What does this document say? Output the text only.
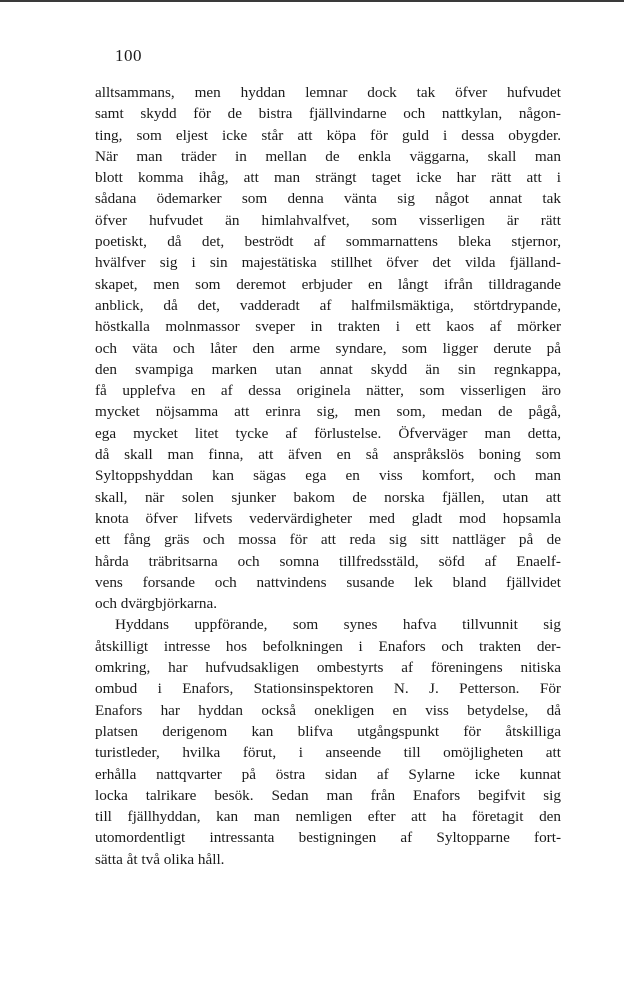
100
alltsammans, men hyddan lemnar dock tak öfver hufvudet
samt skydd för de bistra fjällvindarne och nattkylan, någon-
ting, som eljest icke står att köpa för guld i dessa obygder.
När man träder in mellan de enkla väggarna, skall man
blott komma ihåg, att man strängt taget icke har rätt att i
sådana ödemarker som denna vänta sig något annat tak
öfver hufvudet än himlahvalfvet, som visserligen är rätt
poetiskt, då det, beströdt af sommarnattens bleka stjernor,
hvälfver sig i sin majestätiska stillhet öfver det vilda fjälland-
skapet, men som deremot erbjuder en långt ifrån tilldragande
anblick, då det, vadderadt af halfmilsmäktiga, störtdrypande,
höstkalla molnmassor sveper in trakten i ett kaos af mörker
och väta och låter den arme syndare, som ligger derute på
den svampiga marken utan annat skydd än sin regnkappa,
få upplefva en af dessa originela nätter, som visserligen äro
mycket nöjsamma att erinra sig, men som, medan de pågå,
ega mycket litet tycke af förlustelse. Öfverväger man detta,
då skall man finna, att äfven en så anspråkslös boning som
Syltoppshyddan kan sägas ega en viss komfort, och man
skall, när solen sjunker bakom de norska fjällen, utan att
knota öfver lifvets vedervärdigheter med gladt mod hopsamla
ett fång gräs och mossa för att reda sig sitt nattläger på de
hårda träbritsarna och somna tillfredsstäld, söfd af Enaelf-
vens forsande och nattvindens susande lek bland fjällvidet
och dvärgbjörkarna.
Hyddans uppförande, som synes hafva tillvunnit sig
åtskilligt intresse hos befolkningen i Enafors och trakten der-
omkring, har hufvudsakligen ombestyrts af föreningens nitiska
ombud i Enafors, Stationsinspektoren N. J. Petterson. För
Enafors har hyddan också onekligen en viss betydelse, då
platsen derigenom kan blifva utgångspunkt för åtskilliga
turistleder, hvilka förut, i anseende till omöjligheten att
erhålla nattqvarter på östra sidan af Sylarne icke kunnat
locka talrikare besök. Sedan man från Enafors begifvit sig
till fjällhyddan, kan man nemligen efter att ha företagit den
utomordentligt intressanta bestigningen af Syltopparne fort-
sätta åt två olika håll.
